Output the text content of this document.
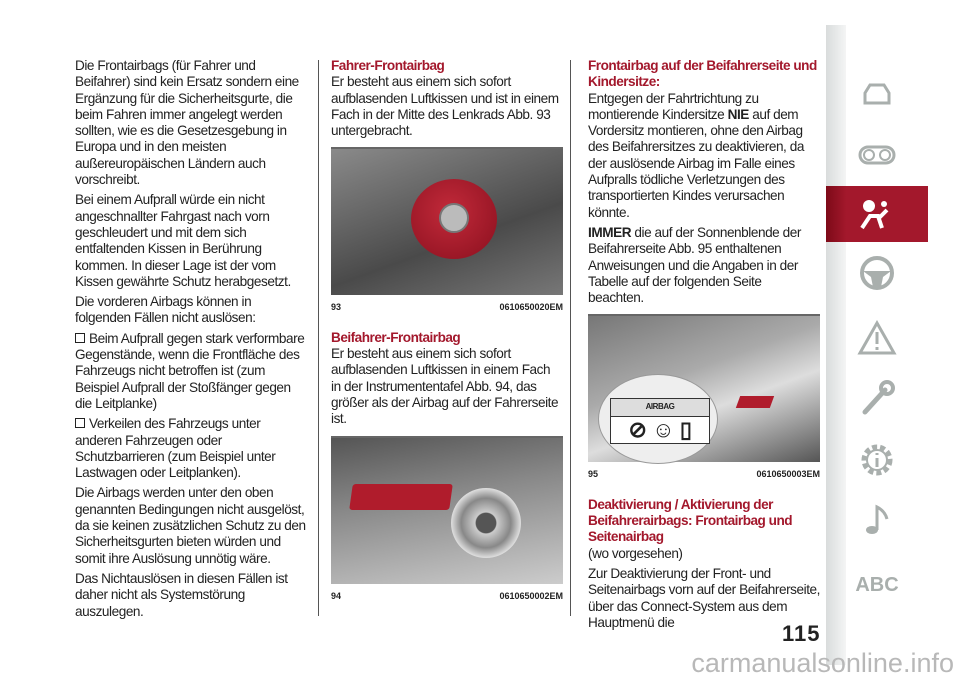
Die Frontairbags (für Fahrer und Beifahrer) sind kein Ersatz sondern eine Ergänzung für die Sicherheitsgurte, die beim Fahren immer angelegt werden sollten, wie es die Gesetzesgebung in Europa und in den meisten außereuropäischen Ländern auch vorschreibt.

Bei einem Aufprall würde ein nicht angeschnallter Fahrgast nach vorn geschleudert und mit dem sich entfaltenden Kissen in Berührung kommen. In dieser Lage ist der vom Kissen gewährte Schutz herabgesetzt.

Die vorderen Airbags können in folgenden Fällen nicht auslösen:

Beim Aufprall gegen stark verformbare Gegenstände, wenn die Frontfläche des Fahrzeugs nicht betroffen ist (zum Beispiel Aufprall der Stoßfänger gegen die Leitplanke)

Verkeilen des Fahrzeugs unter anderen Fahrzeugen oder Schutzbarrieren (zum Beispiel unter Lastwagen oder Leitplanken).

Die Airbags werden unter den oben genannten Bedingungen nicht ausgelöst, da sie keinen zusätzlichen Schutz zu den Sicherheitsgurten bieten würden und somit ihre Auslösung unnötig wäre.

Das Nichtauslösen in diesen Fällen ist daher nicht als Systemstörung auszulegen.

Fahrer-Frontairbag

Er besteht aus einem sich sofort aufblasenden Luftkissen und ist in einem Fach in der Mitte des Lenkrads Abb. 93 untergebracht.

93	0610650020EM

Beifahrer-Frontairbag

Er besteht aus einem sich sofort aufblasenden Luftkissen in einem Fach in der Instrumententafel Abb. 94, das größer als der Airbag auf der Fahrerseite ist.

94	0610650002EM

Frontairbag auf der Beifahrerseite und Kindersitze:

Entgegen der Fahrtrichtung zu montierende Kindersitze NIE auf dem Vordersitz montieren, ohne den Airbag des Beifahrersitzes zu deaktivieren, da der auslösende Airbag im Falle eines Aufpralls tödliche Verletzungen des transportierten Kindes verursachen könnte.

IMMER die auf der Sonnenblende der Beifahrerseite Abb. 95 enthaltenen Anweisungen und die Angaben in der Tabelle auf der folgenden Seite beachten.

AIRBAG
⊘ ☺ ▯
95	0610650003EM

Deaktivierung / Aktivierung der Beifahrerairbags: Frontairbag und Seitenairbag

(wo vorgesehen)

Zur Deaktivierung der Front- und Seitenairbags vorn auf der Beifahrerseite, über das Connect-System aus dem Hauptmenü die	115
ABC
carmanualsonline.info
